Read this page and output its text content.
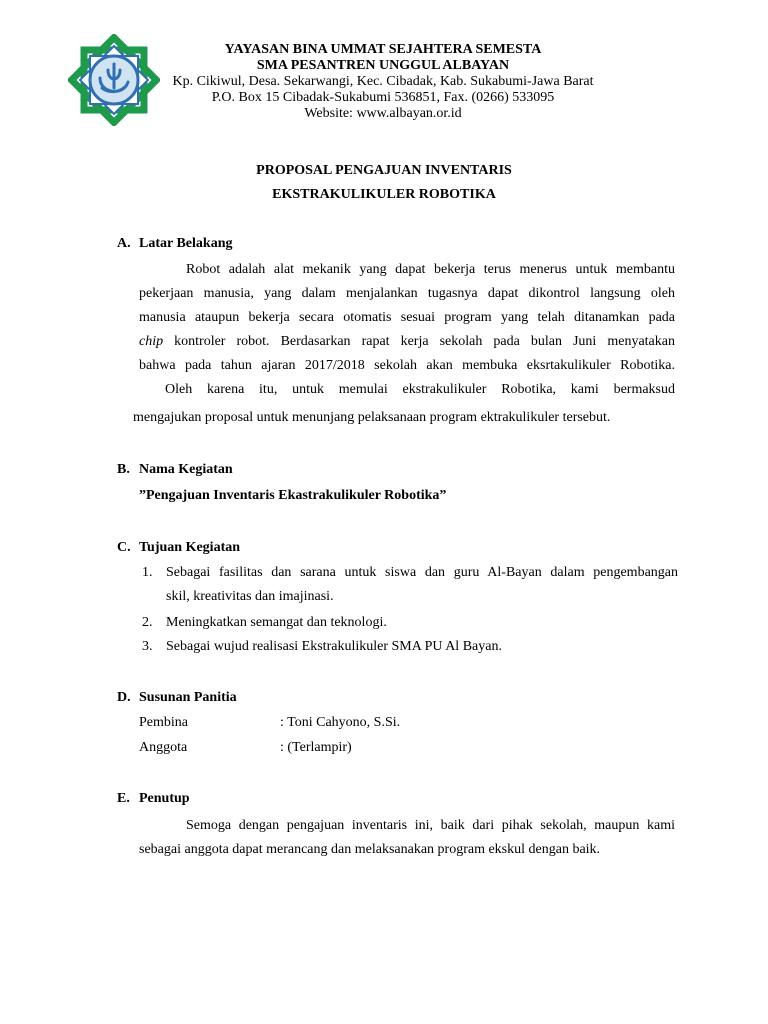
YAYASAN BINA UMMAT SEJAHTERA SEMESTA
SMA PESANTREN UNGGUL ALBAYAN
Kp. Cikiwul, Desa. Sekarwangi, Kec. Cibadak, Kab. Sukabumi-Jawa Barat
P.O. Box 15 Cibadak-Sukabumi 536851, Fax. (0266) 533095
Website: www.albayan.or.id
PROPOSAL PENGAJUAN INVENTARIS
EKSTRAKULIKULER ROBOTIKA
A. Latar Belakang
Robot adalah alat mekanik yang dapat bekerja terus menerus untuk membantu
pekerjaan manusia, yang dalam menjalankan tugasnya dapat dikontrol langsung oleh
manusia ataupun bekerja secara otomatis sesuai program yang telah ditanamkan pada
chip kontroler robot. Berdasarkan rapat kerja sekolah pada bulan Juni menyatakan
bahwa pada tahun ajaran 2017/2018 sekolah akan membuka eksrtakulikuler Robotika.
Oleh karena itu, untuk memulai ekstrakulikuler Robotika, kami bermaksud
mengajukan proposal untuk menunjang pelaksanaan program ektrakulikuler tersebut.
B. Nama Kegiatan
”Pengajuan Inventaris Ekastrakulikuler Robotika”
C. Tujuan Kegiatan
1. Sebagai fasilitas dan sarana untuk siswa dan guru Al-Bayan dalam pengembangan
skil, kreativitas dan imajinasi.
2. Meningkatkan semangat dan teknologi.
3. Sebagai wujud realisasi Ekstrakulikuler SMA PU Al Bayan.
D. Susunan Panitia
Pembina	: Toni Cahyono, S.Si.
Anggota	: (Terlampir)
E. Penutup
Semoga dengan pengajuan inventaris ini, baik dari pihak sekolah, maupun kami
sebagai anggota dapat merancang dan melaksanakan program ekskul dengan baik.
